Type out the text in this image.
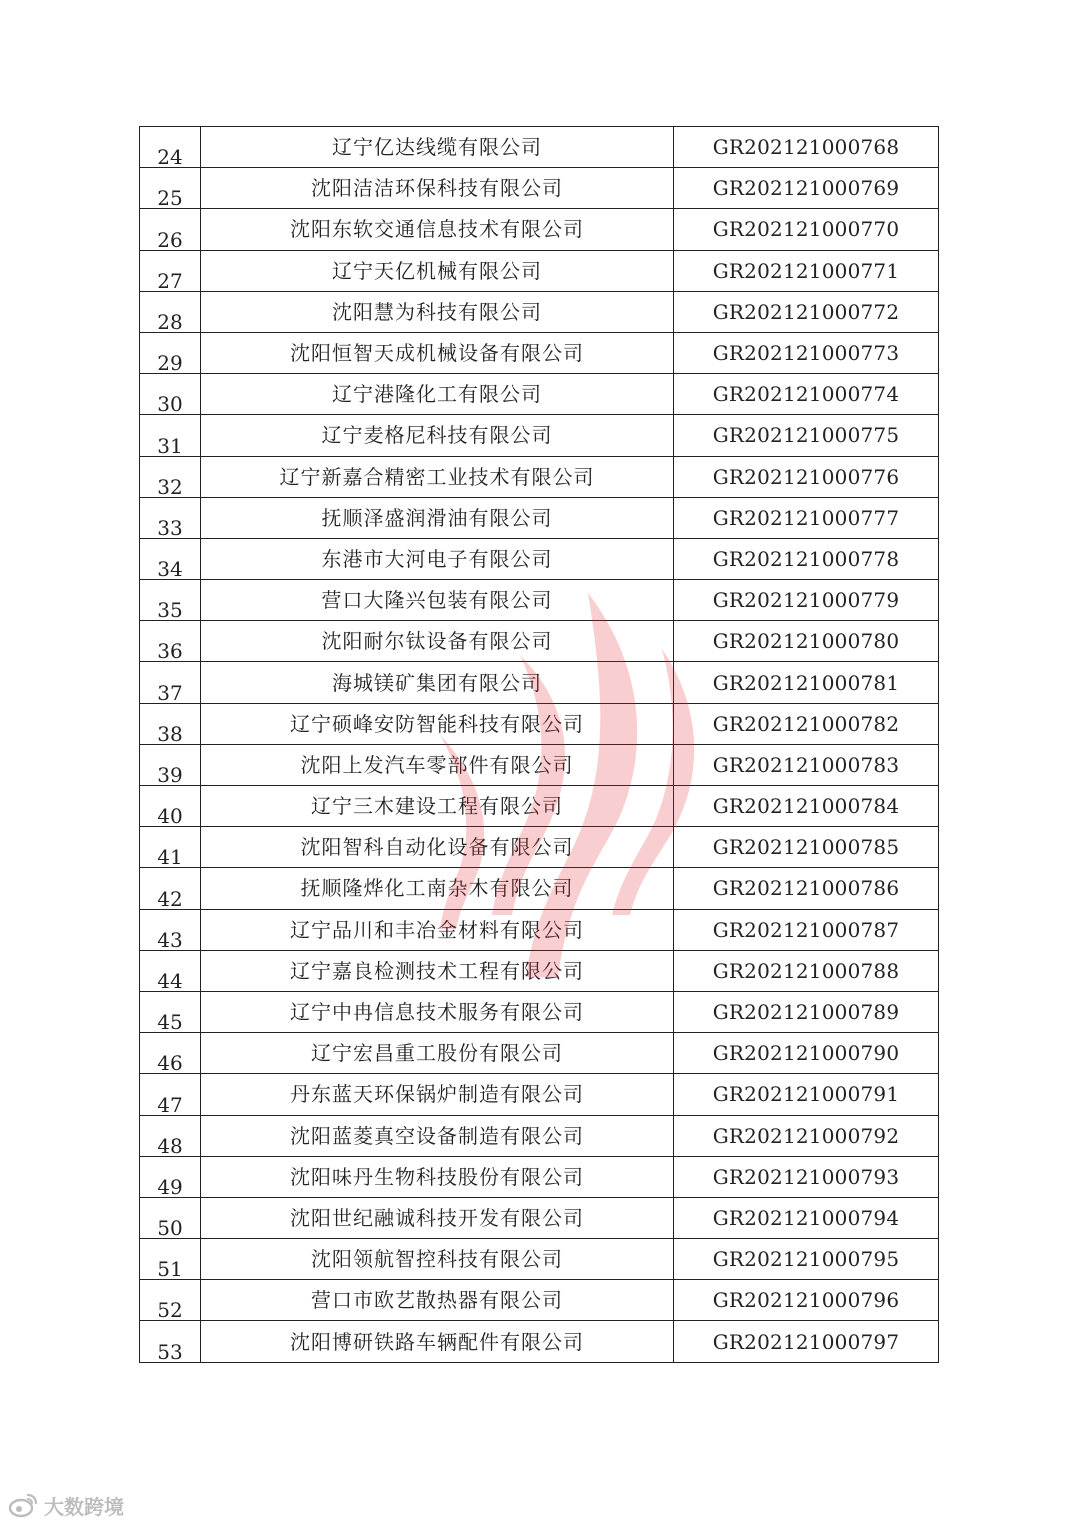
24	辽宁亿达线缆有限公司	GR202121000768
25	沈阳洁洁环保科技有限公司	GR202121000769
26	沈阳东软交通信息技术有限公司	GR202121000770
27	辽宁天亿机械有限公司	GR202121000771
28	沈阳慧为科技有限公司	GR202121000772
29	沈阳恒智天成机械设备有限公司	GR202121000773
30	辽宁港隆化工有限公司	GR202121000774
31	辽宁麦格尼科技有限公司	GR202121000775
32	辽宁新嘉合精密工业技术有限公司	GR202121000776
33	抚顺泽盛润滑油有限公司	GR202121000777
34	东港市大河电子有限公司	GR202121000778
35	营口大隆兴包装有限公司	GR202121000779
36	沈阳耐尔钛设备有限公司	GR202121000780
37	海城镁矿集团有限公司	GR202121000781
38	辽宁硕峰安防智能科技有限公司	GR202121000782
39	沈阳上发汽车零部件有限公司	GR202121000783
40	辽宁三木建设工程有限公司	GR202121000784
41	沈阳智科自动化设备有限公司	GR202121000785
42	抚顺隆烨化工南杂木有限公司	GR202121000786
43	辽宁品川和丰冶金材料有限公司	GR202121000787
44	辽宁嘉良检测技术工程有限公司	GR202121000788
45	辽宁中冉信息技术服务有限公司	GR202121000789
46	辽宁宏昌重工股份有限公司	GR202121000790
47	丹东蓝天环保锅炉制造有限公司	GR202121000791
48	沈阳蓝菱真空设备制造有限公司	GR202121000792
49	沈阳味丹生物科技股份有限公司	GR202121000793
50	沈阳世纪融诚科技开发有限公司	GR202121000794
51	沈阳领航智控科技有限公司	GR202121000795
52	营口市欧艺散热器有限公司	GR202121000796
53	沈阳博研铁路车辆配件有限公司	GR202121000797
大数跨境
